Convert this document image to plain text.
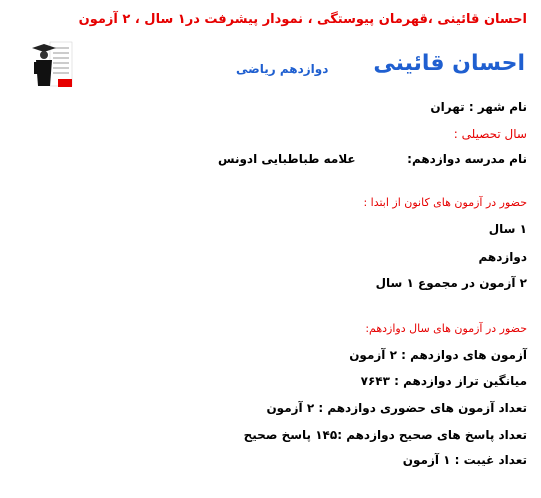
احسان قائینی ،قهرمان پیوستگی ، نمودار پیشرفت در۱ سال ، ۲ آزمون
احسان قائینی
دوازدهم ریاضی
نام شهر : تهران
سال تحصیلی :
نام مدرسه دوازدهم:
علامه طباطبایی ادونس
حضور در آزمون های کانون از ابتدا :
۱ سال
دوازدهم
۲ آزمون در مجموع ۱ سال
حضور در آزمون های سال دوازدهم:
آزمون های دوازدهم : ۲ آزمون
میانگین تراز دوازدهم : ۷۶۴۳
تعداد آزمون های حضوری دوازدهم : ۲ آزمون
تعداد پاسخ های صحیح دوازدهم :۱۴۵ پاسخ صحیح
تعداد غیبت : ۱ آزمون
